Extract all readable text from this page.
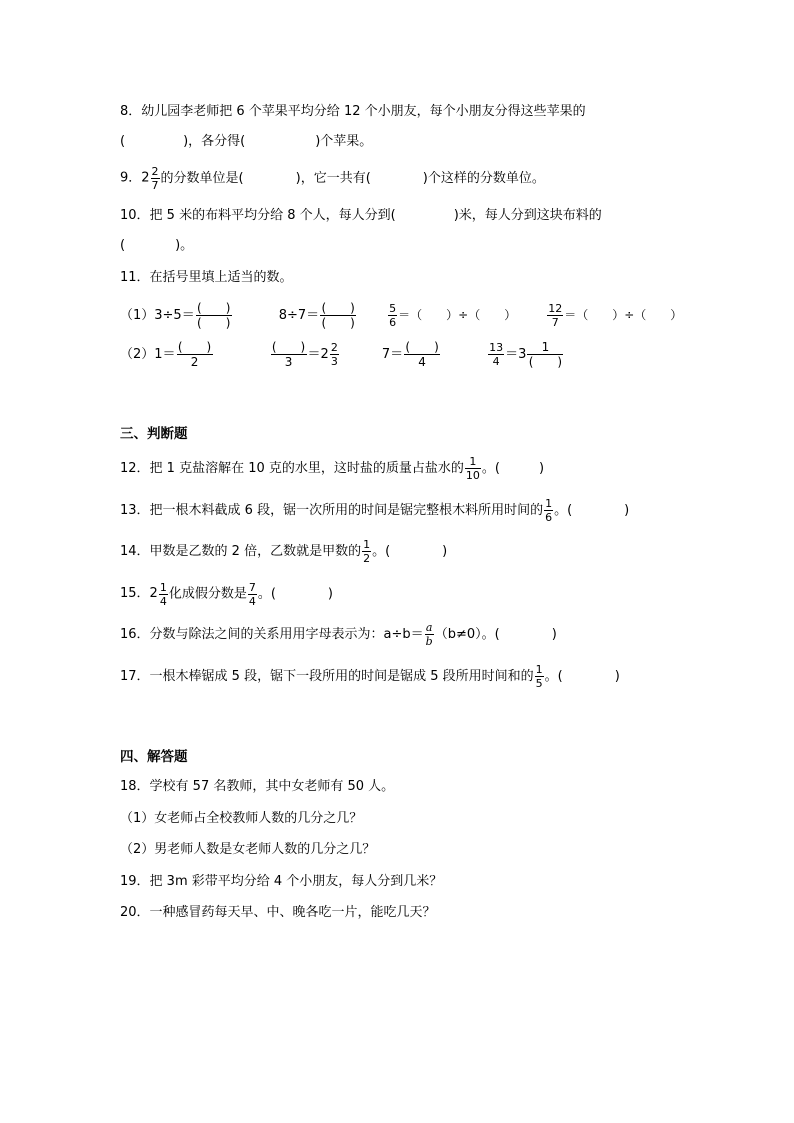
8．幼儿园李老师把 6 个苹果平均分给 12 个小朋友，每个小朋友分得这些苹果的
(	)，各分得(	)个苹果。
9．$2 \frac{2}{7}$ 的分数单位是(	)，它一共有(	)个这样的分数单位。
10．把 5 米的布料平均分给 8 个人，每人分到(	)米，每人分到这块布料的
(	)。
11．在括号里填上适当的数。
$(1)3\div 5= \frac{( )}{( )}$	$8\div 7= \frac{( )}{( )}$	$\frac{5}{6}$ ＝（　　）÷（　　）	$\frac{12}{7}$ ＝（　　）÷（　　）
$(2)1= \frac{( )}{2}$	$\frac{( )}{3} =2 \frac{2}{3}$	$7= \frac{( )}{4}$	$\frac{13}{4} =3 \frac{1}{( )}$
三、判断题
12．把 1 克盐溶解在 10 克的水里，这时盐的质量占盐水的 $\frac{1}{10}$ 。(　　　)
13．把一根木料截成 6 段，锯一次所用的时间是锯完整根木料所用时间的 $\frac{1}{6}$ 。(　　　　)
14．甲数是乙数的 2 倍，乙数就是甲数的 $\frac{1}{2}$ 。(　　　　)
15．$2 \frac{1}{4}$ 化成假分数是 $\frac{7}{4}$ 。(　　　　)
16．分数与除法之间的关系用用字母表示为：$a\div b= \frac{a}{b} (b\ne 0)$。(　　　　)
17．一根木棒锯成 5 段，锯下一段所用的时间是锯成 5 段所用时间和的 $\frac{1}{5}$ 。(　　　　)
四、解答题
18．学校有 57 名教师，其中女老师有 50 人。
（1）女老师占全校教师人数的几分之几？
（2）男老师人数是女老师人数的几分之几？
19．把 3m 彩带平均分给 4 个小朋友，每人分到几米？
20．一种感冒药每天早、中、晚各吃一片，能吃几天？
